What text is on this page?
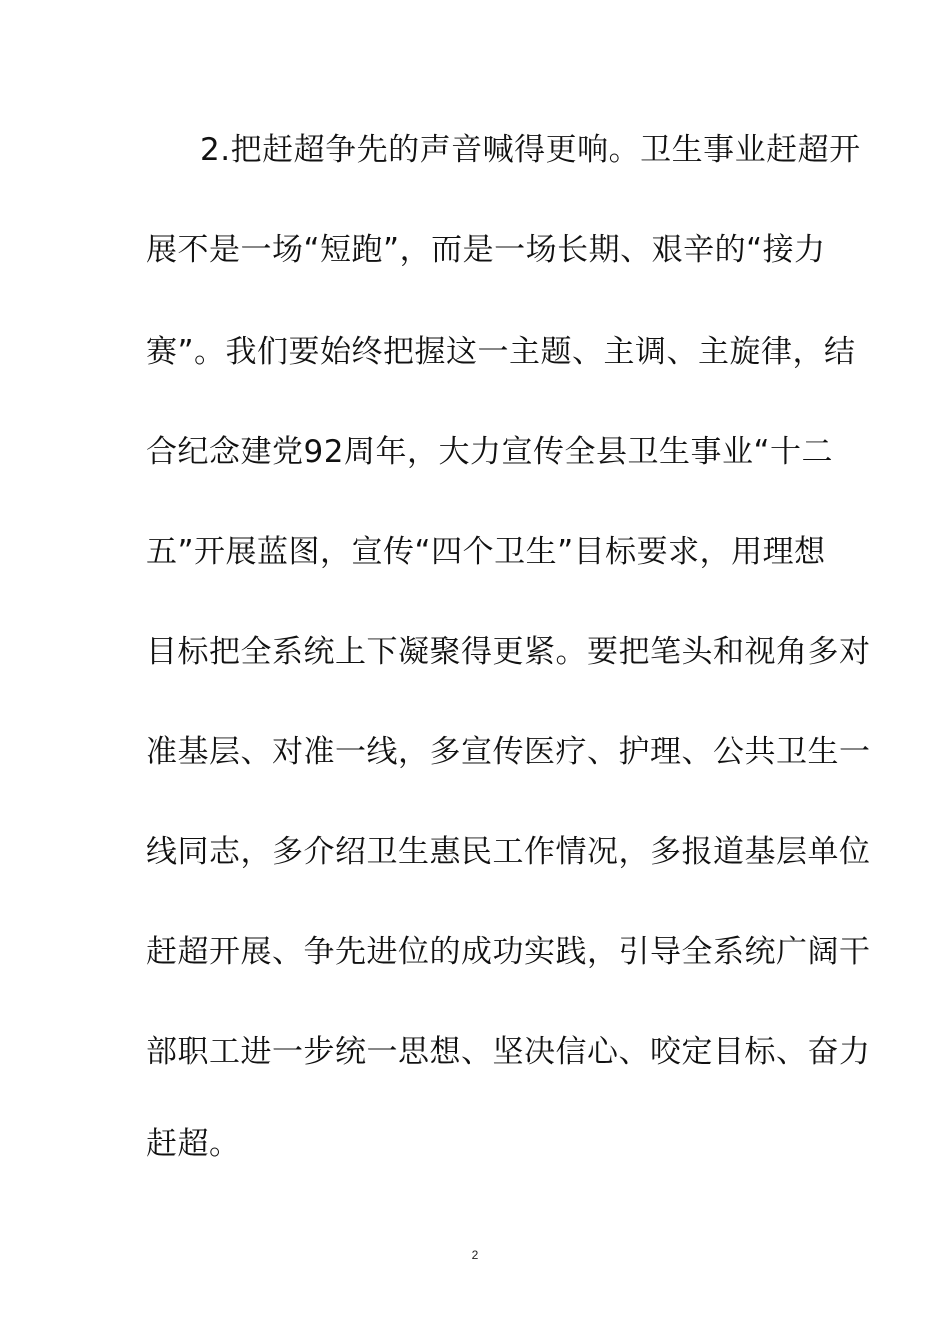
2.把赶超争先的声音喊得更响。卫生事业赶超开
展不是一场“短跑”，而是一场长期、艰辛的“接力
赛”。我们要始终把握这一主题、主调、主旋律，结
合纪念建党92周年，大力宣传全县卫生事业“十二
五”开展蓝图，宣传“四个卫生”目标要求，用理想
目标把全系统上下凝聚得更紧。要把笔头和视角多对
准基层、对准一线，多宣传医疗、护理、公共卫生一
线同志，多介绍卫生惠民工作情况，多报道基层单位
赶超开展、争先进位的成功实践，引导全系统广阔干
部职工进一步统一思想、坚决信心、咬定目标、奋力
赶超。
2
